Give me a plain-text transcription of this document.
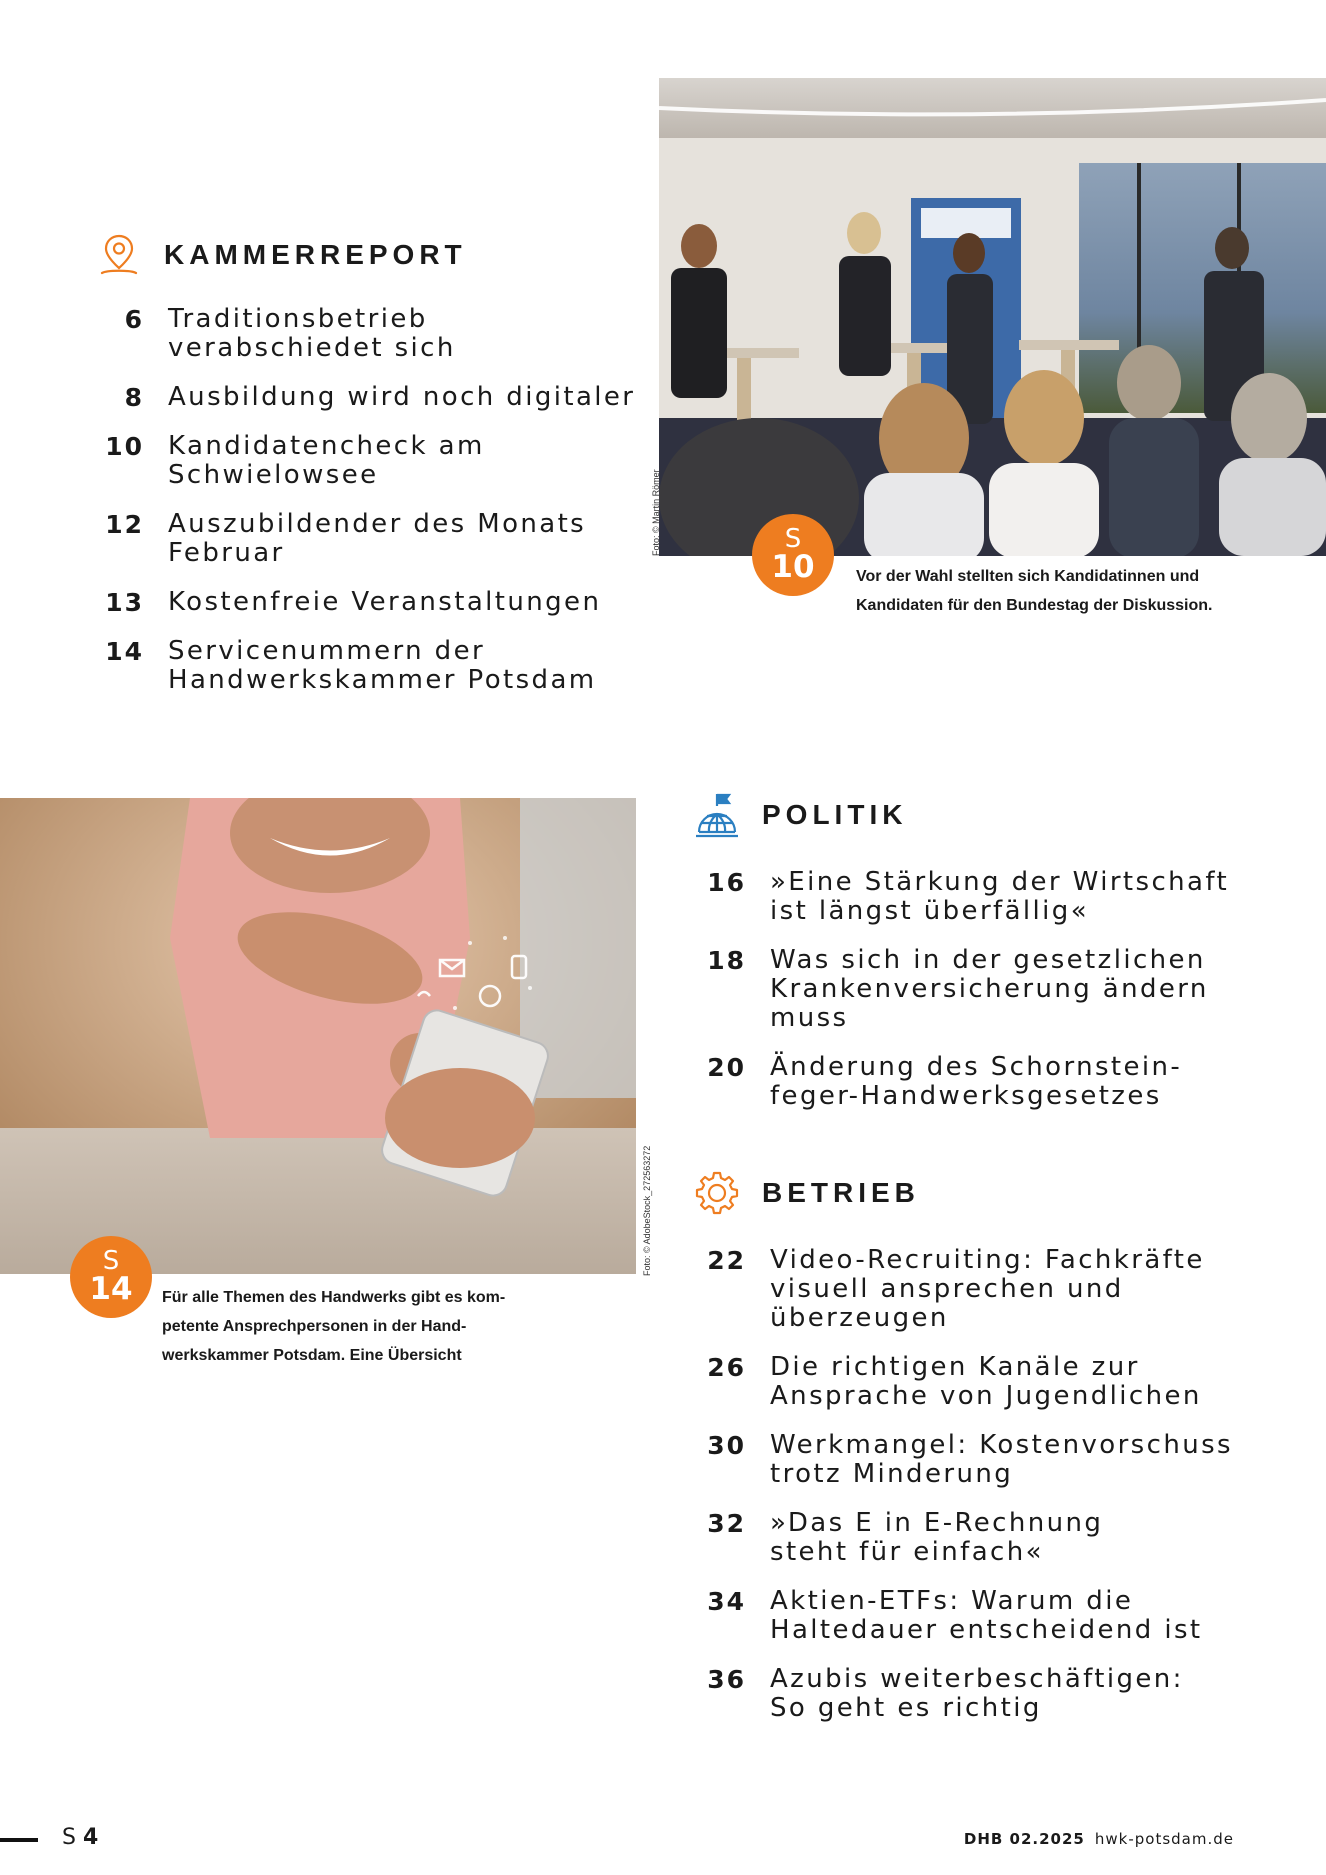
KAMMERREPORT
6 Traditionsbetrieb
verabschiedet sich
8 Ausbildung wird noch digitaler
10 Kandidatencheck am
Schwielowsee
12 Auszubildender des Monats
Februar
13 Kostenfreie Veranstaltungen
14 Servicenummern der
Handwerkskammer Potsdam
Foto: © Martin Römer	S
10	Vor der Wahl stellten sich Kandidatinnen und
Kandidaten für den Bundestag der Diskussion.
Foto: © AdobeStock_272563272
S
14	Für alle Themen des Handwerks gibt es kom-
petente Ansprechpersonen in der Hand-
werkskammer Potsdam. Eine Übersicht
POLITIK
16 »Eine Stärkung der Wirtschaft
ist längst überfällig«
18 Was sich in der gesetzlichen
Krankenversicherung ändern
muss
20 Änderung des Schornstein-
feger-Handwerksgesetzes
BETRIEB
22 Video-Recruiting: Fachkräfte
visuell ansprechen und
überzeugen
26 Die richtigen Kanäle zur
Ansprache von Jugendlichen
30 Werkmangel: Kostenvorschuss
trotz Minderung
32 »Das E in E-Rechnung
steht für einfach«
34 Aktien-ETFs: Warum die
Haltedauer entscheidend ist
36 Azubis weiterbeschäftigen:
So geht es richtig
S 4	DHB 02.2025 hwk-potsdam.de
